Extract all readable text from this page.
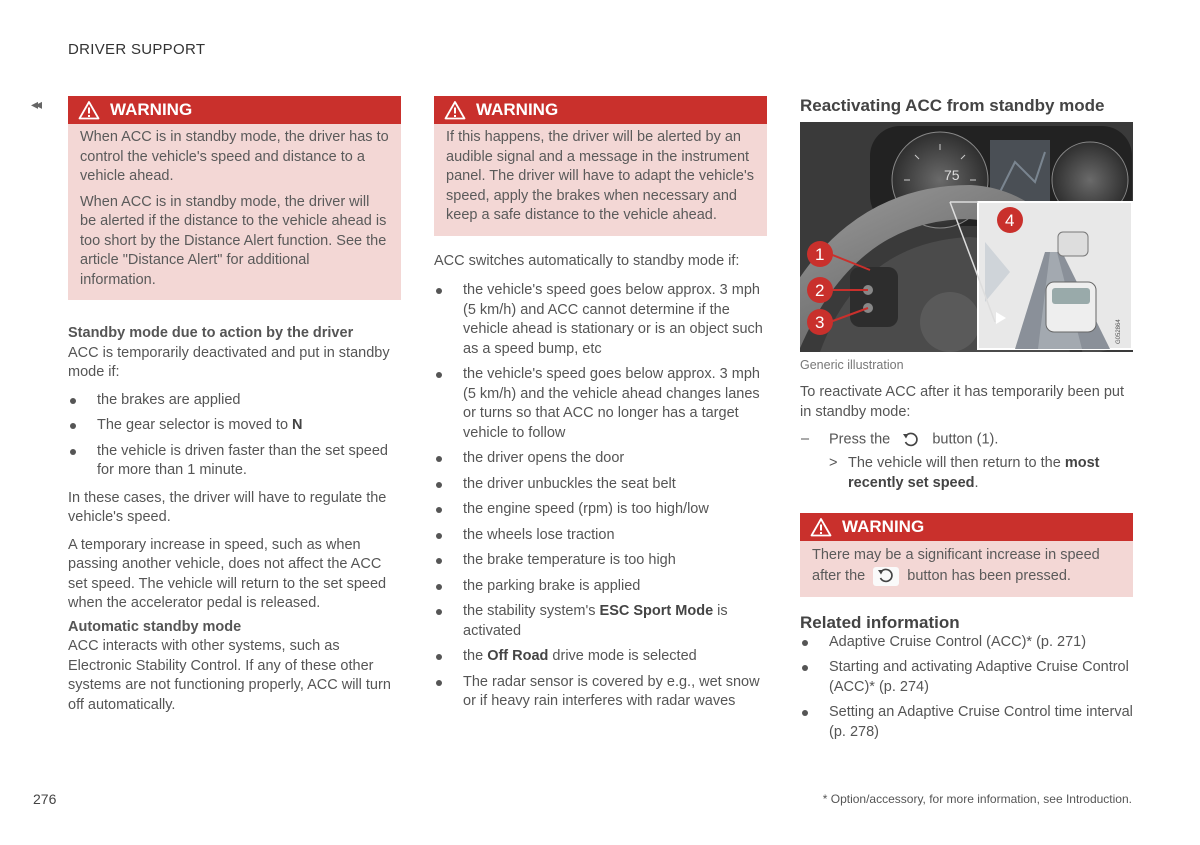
DRIVER SUPPORT
◂◂
276	* Option/accessory, for more information, see Introduction.
WARNING

When ACC is in standby mode, the driver has to control the vehicle's speed and distance to a vehicle ahead.

When ACC is in standby mode, the driver will be alerted if the distance to the vehicle ahead is too short by the Distance Alert function. See the article "Distance Alert" for additional information.

Standby mode due to action by the driver

ACC is temporarily deactivated and put in standby mode if:

the brakes are applied
The gear selector is moved to N
the vehicle is driven faster than the set speed for more than 1 minute.

In these cases, the driver will have to regulate the vehicle's speed.

A temporary increase in speed, such as when passing another vehicle, does not affect the ACC set speed. The vehicle will return to the set speed when the accelerator pedal is released.

Automatic standby mode

ACC interacts with other systems, such as Electronic Stability Control. If any of these other systems are not functioning properly, ACC will turn off automatically.

WARNING

If this happens, the driver will be alerted by an audible signal and a message in the instrument panel. The driver will have to adapt the vehicle's speed, apply the brakes when necessary and keep a safe distance to the vehicle ahead.

ACC switches automatically to standby mode if:

the vehicle's speed goes below approx. 3 mph (5 km/h) and ACC cannot determine if the vehicle ahead is stationary or is an object such as a speed bump, etc
the vehicle's speed goes below approx. 3 mph (5 km/h) and the vehicle ahead changes lanes or turns so that ACC no longer has a target vehicle to follow
the driver opens the door
the driver unbuckles the seat belt
the engine speed (rpm) is too high/low
the wheels lose traction
the brake temperature is too high
the parking brake is applied
the stability system's ESC Sport Mode is activated
the Off Road drive mode is selected
The radar sensor is covered by e.g., wet snow or if heavy rain interferes with radar waves

Reactivating ACC from standby mode

75
1
2
3
4
G052864
Generic illustration

To reactivate ACC after it has temporarily been put in standby mode:

– Press the	button (1).
> The vehicle will then return to the most recently set speed.
WARNING
There may be a significant increase in speed after the	button has been pressed.

Related information

Adaptive Cruise Control (ACC)* (p. 271)
Starting and activating Adaptive Cruise Control (ACC)* (p. 274)
Setting an Adaptive Cruise Control time interval (p. 278)
